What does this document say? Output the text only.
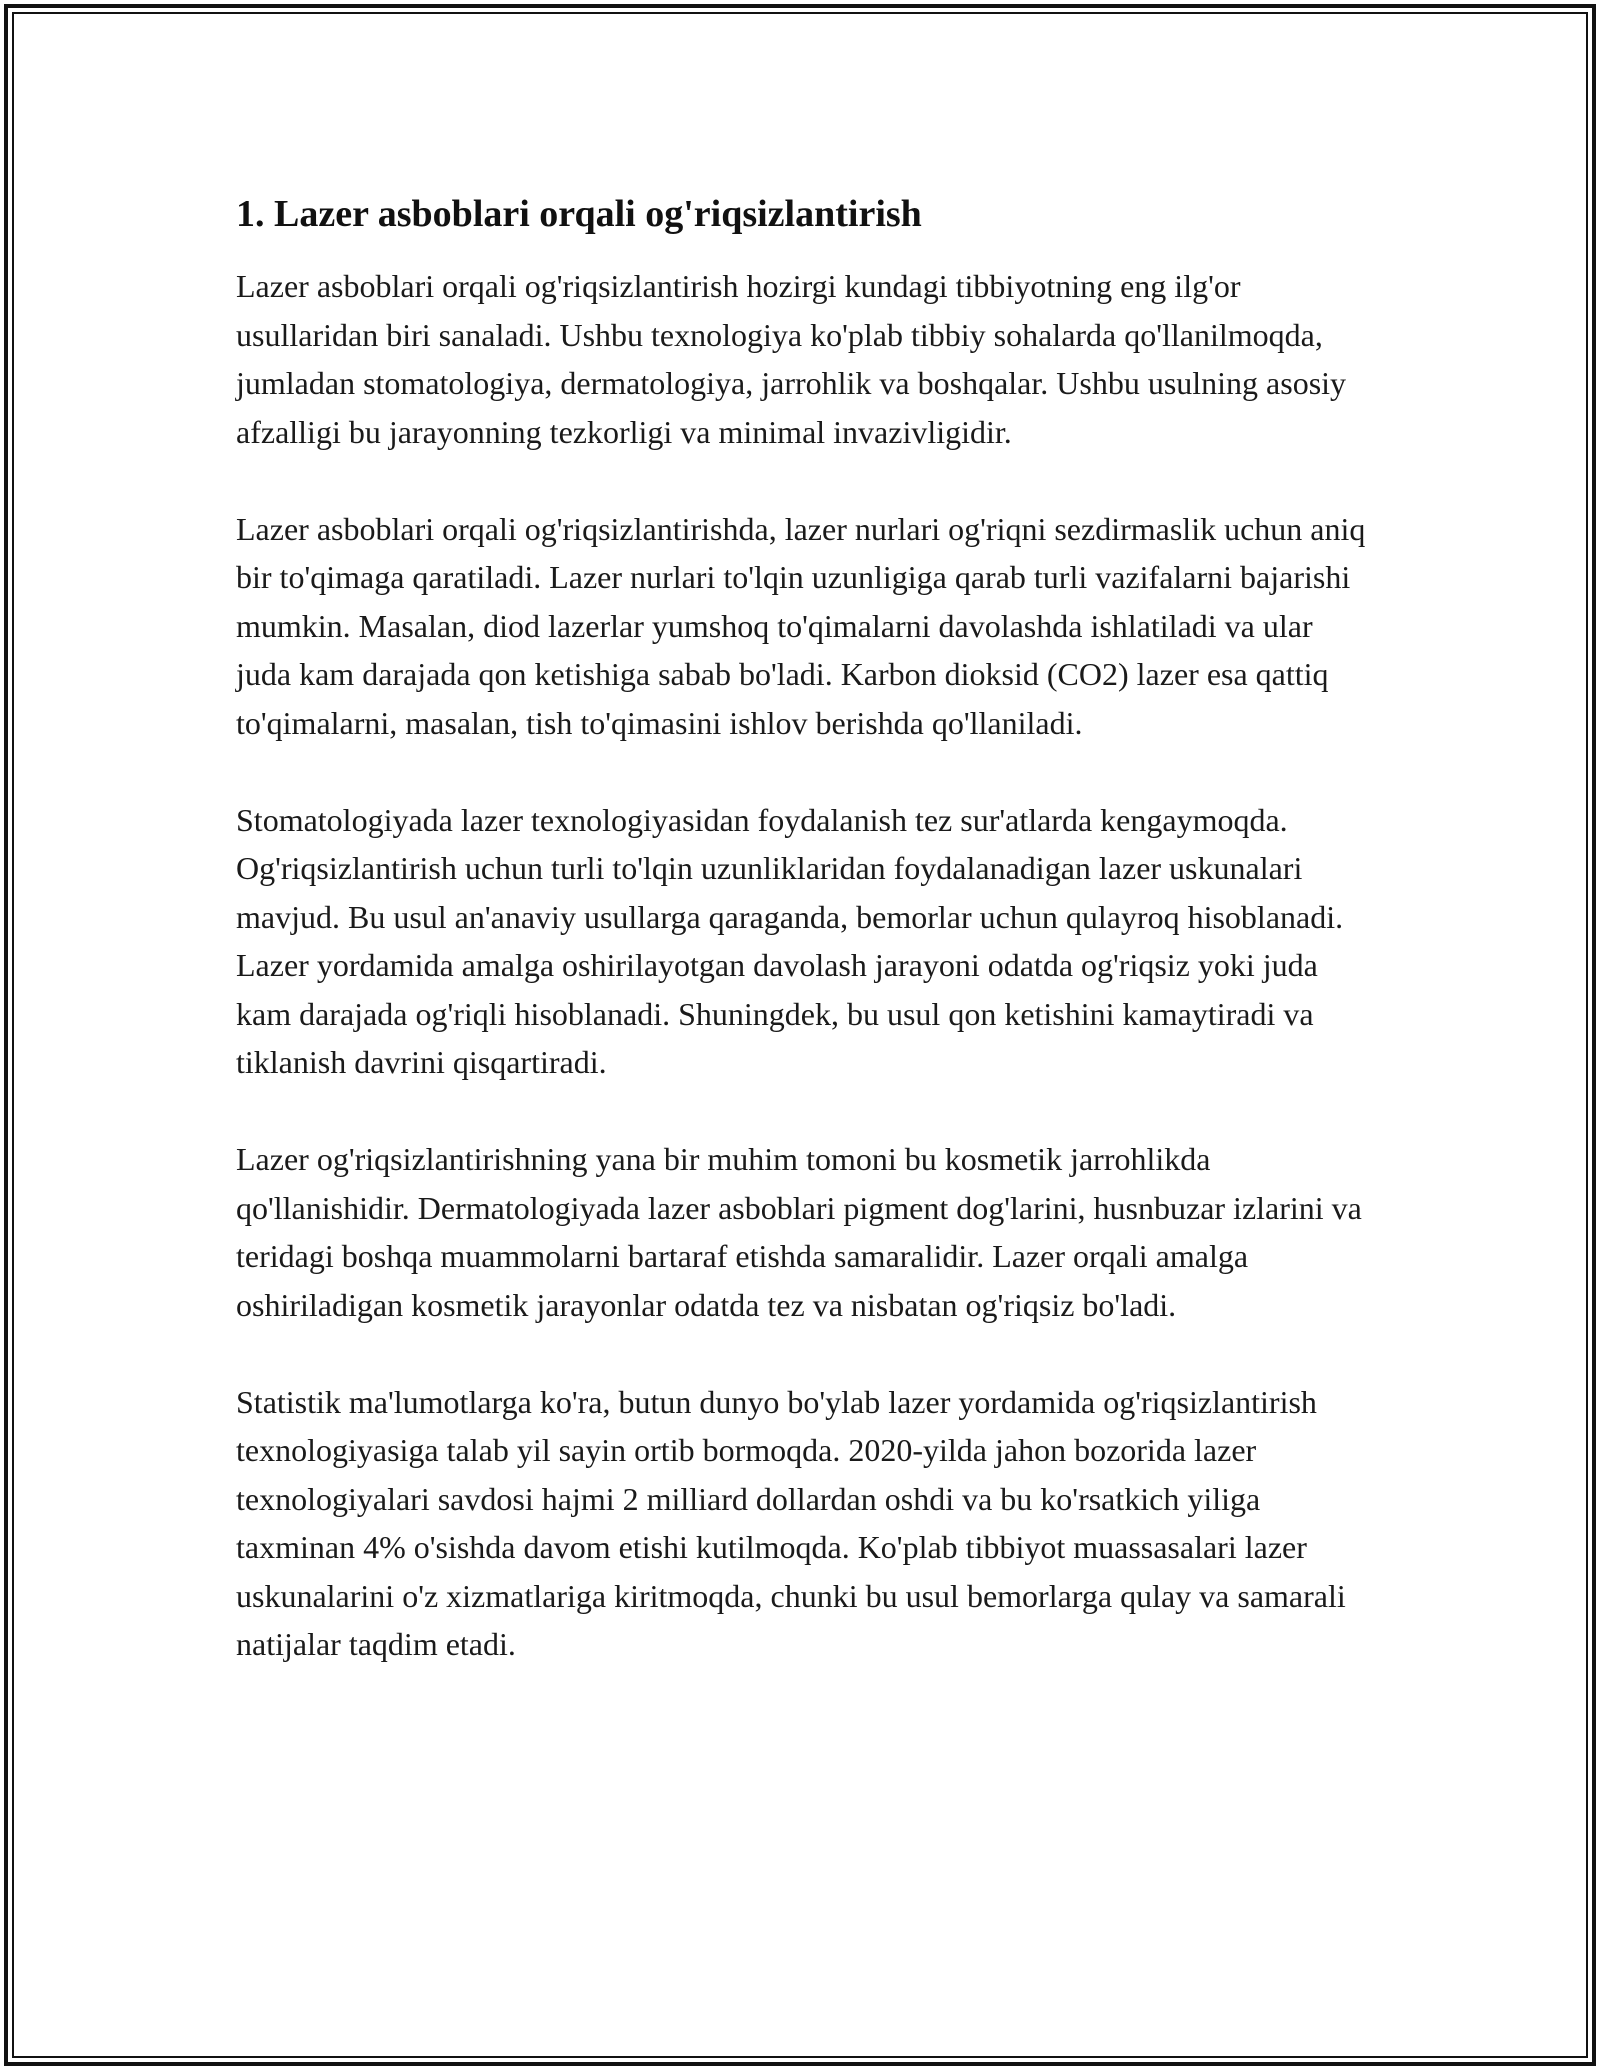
1. Lazer asboblari orqali og'riqsizlantirish

Lazer asboblari orqali og'riqsizlantirish hozirgi kundagi tibbiyotning eng ilg'or usullaridan biri sanaladi. Ushbu texnologiya ko'plab tibbiy sohalarda qo'llanilmoqda, jumladan stomatologiya, dermatologiya, jarrohlik va boshqalar. Ushbu usulning asosiy afzalligi bu jarayonning tezkorligi va minimal invazivligidir.

Lazer asboblari orqali og'riqsizlantirishda, lazer nurlari og'riqni sezdirmaslik uchun aniq bir to'qimaga qaratiladi. Lazer nurlari to'lqin uzunligiga qarab turli vazifalarni bajarishi mumkin. Masalan, diod lazerlar yumshoq to'qimalarni davolashda ishlatiladi va ular juda kam darajada qon ketishiga sabab bo'ladi. Karbon dioksid (CO2) lazer esa qattiq to'qimalarni, masalan, tish to'qimasini ishlov berishda qo'llaniladi.

Stomatologiyada lazer texnologiyasidan foydalanish tez sur'atlarda kengaymoqda. Og'riqsizlantirish uchun turli to'lqin uzunliklaridan foydalanadigan lazer uskunalari mavjud. Bu usul an'anaviy usullarga qaraganda, bemorlar uchun qulayroq hisoblanadi. Lazer yordamida amalga oshirilayotgan davolash jarayoni odatda og'riqsiz yoki juda kam darajada og'riqli hisoblanadi. Shuningdek, bu usul qon ketishini kamaytiradi va tiklanish davrini qisqartiradi.

Lazer og'riqsizlantirishning yana bir muhim tomoni bu kosmetik jarrohlikda qo'llanishidir. Dermatologiyada lazer asboblari pigment dog'larini, husnbuzar izlarini va teridagi boshqa muammolarni bartaraf etishda samaralidir. Lazer orqali amalga oshiriladigan kosmetik jarayonlar odatda tez va nisbatan og'riqsiz bo'ladi.

Statistik ma'lumotlarga ko'ra, butun dunyo bo'ylab lazer yordamida og'riqsizlantirish texnologiyasiga talab yil sayin ortib bormoqda. 2020-yilda jahon bozorida lazer texnologiyalari savdosi hajmi 2 milliard dollardan oshdi va bu ko'rsatkich yiliga taxminan 4% o'sishda davom etishi kutilmoqda. Ko'plab tibbiyot muassasalari lazer uskunalarini o'z xizmatlariga kiritmoqda, chunki bu usul bemorlarga qulay va samarali natijalar taqdim etadi.
